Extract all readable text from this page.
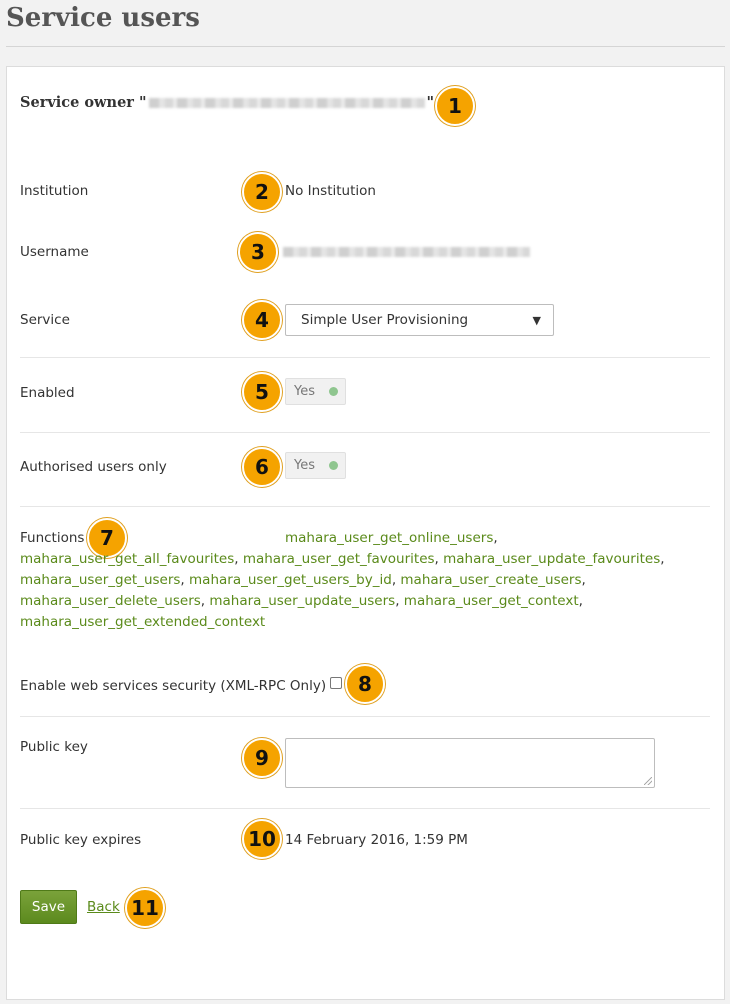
Service users
Service owner "	" 1
Institution	2	No Institution
Username	3
Service	4	Simple User Provisioning	▼
Enabled	5	Yes
Authorised users only	6	Yes
Functions 7	mahara_user_get_online_users,
mahara_user_get_all_favourites, mahara_user_get_favourites, mahara_user_update_favourites,
mahara_user_get_users, mahara_user_get_users_by_id, mahara_user_create_users,
mahara_user_delete_users, mahara_user_update_users, mahara_user_get_context,
mahara_user_get_extended_context
Enable web services security (XML-RPC Only)	8
Public key	9
Public key expires	10 14 February 2016, 1:59 PM
Save	Back 11
